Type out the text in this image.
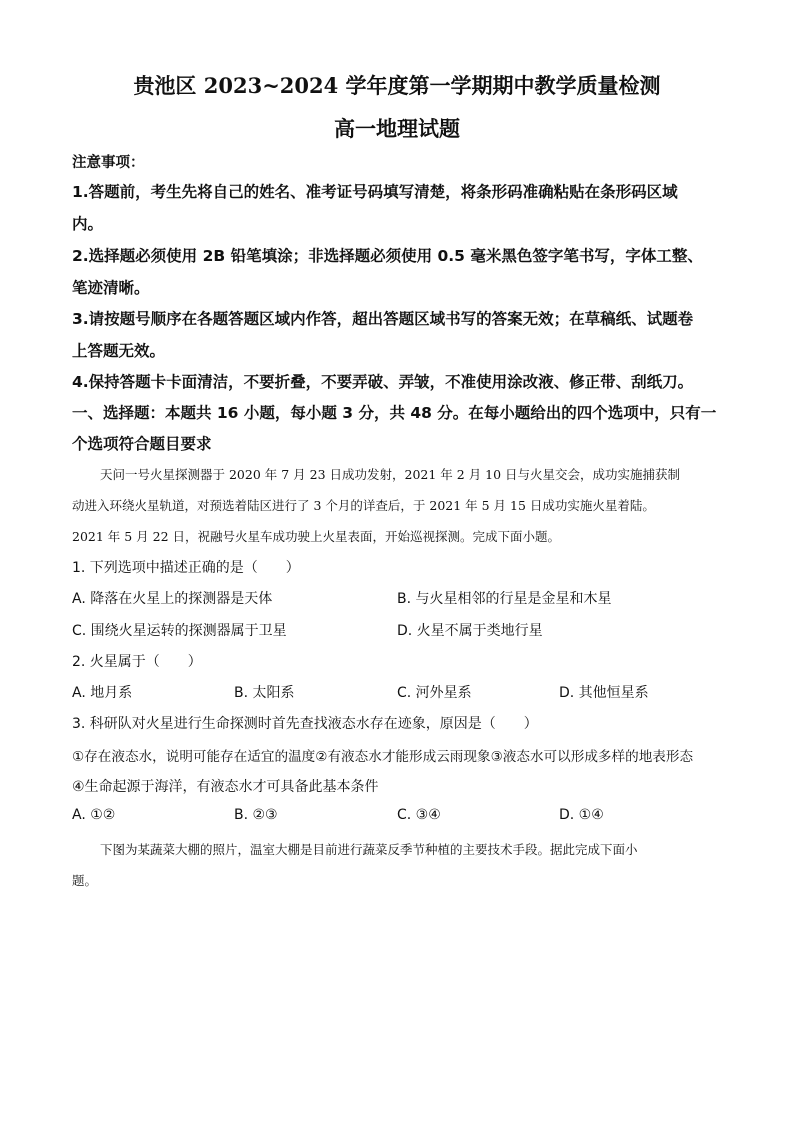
贵池区 2023~2024 学年度第一学期期中教学质量检测
高一地理试题
注意事项：
1.答题前，考生先将自己的姓名、准考证号码填写清楚，将条形码准确粘贴在条形码区域
内。
2.选择题必须使用 2B 铅笔填涂；非选择题必须使用 0.5 毫米黑色签字笔书写，字体工整、
笔迹清晰。
3.请按题号顺序在各题答题区域内作答，超出答题区域书写的答案无效；在草稿纸、试题卷
上答题无效。
4.保持答题卡卡面清洁，不要折叠，不要弄破、弄皱，不准使用涂改液、修正带、刮纸刀。
一、选择题：本题共 16 小题，每小题 3 分，共 48 分。在每小题给出的四个选项中，只有一
个选项符合题目要求
天问一号火星探测器于 2020 年 7 月 23 日成功发射，2021 年 2 月 10 日与火星交会，成功实施捕获制
动进入环绕火星轨道，对预选着陆区进行了 3 个月的详查后，于 2021 年 5 月 15 日成功实施火星着陆。
2021 年 5 月 22 日，祝融号火星车成功驶上火星表面，开始巡视探测。完成下面小题。
1. 下列选项中描述正确的是（　　）
A. 降落在火星上的探测器是天体	B. 与火星相邻的行星是金星和木星
C. 围绕火星运转的探测器属于卫星	D. 火星不属于类地行星
2. 火星属于（　　）
A. 地月系	B. 太阳系	C. 河外星系	D. 其他恒星系
3. 科研队对火星进行生命探测时首先查找液态水存在迹象，原因是（　　）
①存在液态水，说明可能存在适宜的温度②有液态水才能形成云雨现象③液态水可以形成多样的地表形态
④生命起源于海洋，有液态水才可具备此基本条件
A. ①②	B. ②③	C. ③④	D. ①④
下图为某蔬菜大棚的照片，温室大棚是目前进行蔬菜反季节种植的主要技术手段。据此完成下面小
题。
